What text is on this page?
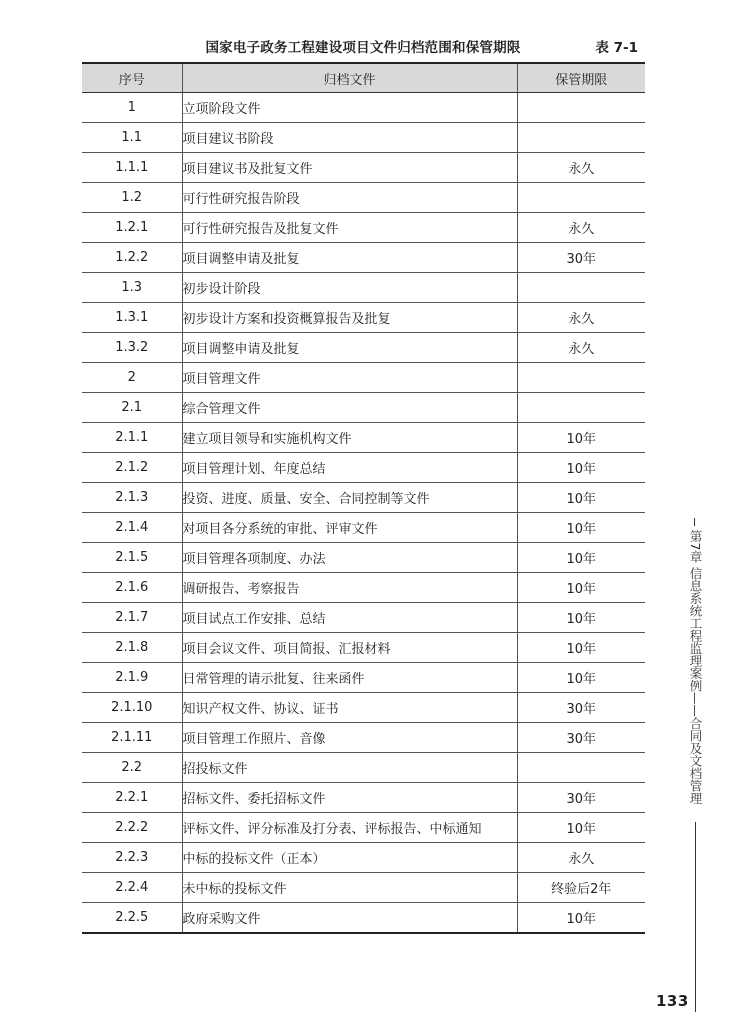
国家电子政务工程建设项目文件归档范围和保管期限	表 7-1
序号	归档文件	保管期限
1	立项阶段文件	
1.1	项目建议书阶段	
1.1.1	项目建议书及批复文件	永久
1.2	可行性研究报告阶段	
1.2.1	可行性研究报告及批复文件	永久
1.2.2	项目调整申请及批复	30年
1.3	初步设计阶段	
1.3.1	初步设计方案和投资概算报告及批复	永久
1.3.2	项目调整申请及批复	永久
2	项目管理文件	
2.1	综合管理文件	
2.1.1	建立项目领导和实施机构文件	10年
2.1.2	项目管理计划、年度总结	10年
2.1.3	投资、进度、质量、安全、合同控制等文件	10年
2.1.4	对项目各分系统的审批、评审文件	10年
2.1.5	项目管理各项制度、办法	10年
2.1.6	调研报告、考察报告	10年
2.1.7	项目试点工作安排、总结	10年
2.1.8	项目会议文件、项目简报、汇报材料	10年
2.1.9	日常管理的请示批复、往来函件	10年
2.1.10	知识产权文件、协议、证书	30年
2.1.11	项目管理工作照片、音像	30年
2.2	招投标文件	
2.2.1	招标文件、委托招标文件	30年
2.2.2	评标文件、评分标准及打分表、评标报告、中标通知	10年
2.2.3	中标的投标文件（正本）	永久
2.2.4	未中标的投标文件	终验后2年
2.2.5	政府采购文件	10年
第7章 信息系统工程监理案例——合同及文档管理
133
